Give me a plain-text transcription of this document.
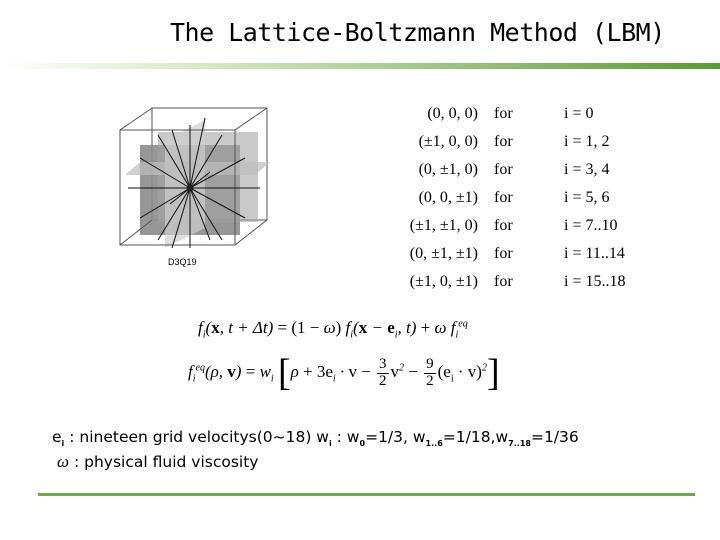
The Lattice-Boltzmann Method (LBM)
D3Q19
(0, 0, 0)	for	i = 0
(±1, 0, 0)	for	i = 1, 2
(0, ±1, 0)	for	i = 3, 4
(0, 0, ±1)	for	i = 5, 6
(±1, ±1, 0)	for	i = 7..10
(0, ±1, ±1)	for	i = 11..14
(±1, 0, ±1)	for	i = 15..18
$f_i(x$, t + Δt) = (1 − ω) $f_i(x - e_i$, t) + ω $f_i^{eq}$
$f_i^{eq}(\rho$, $v) = w_i$ $[\rho + 3e_i \cdot v - \frac{3}{2} v^2 - \frac{9}{2} (e_i \cdot v)^2]$
$e_i$ : nineteen grid velocitys(0~18) $w_i$ : $w_0=1/3$, $w_{1..6}=1/18,w_{7..18}=1/36$
ω : physical fluid viscosity
